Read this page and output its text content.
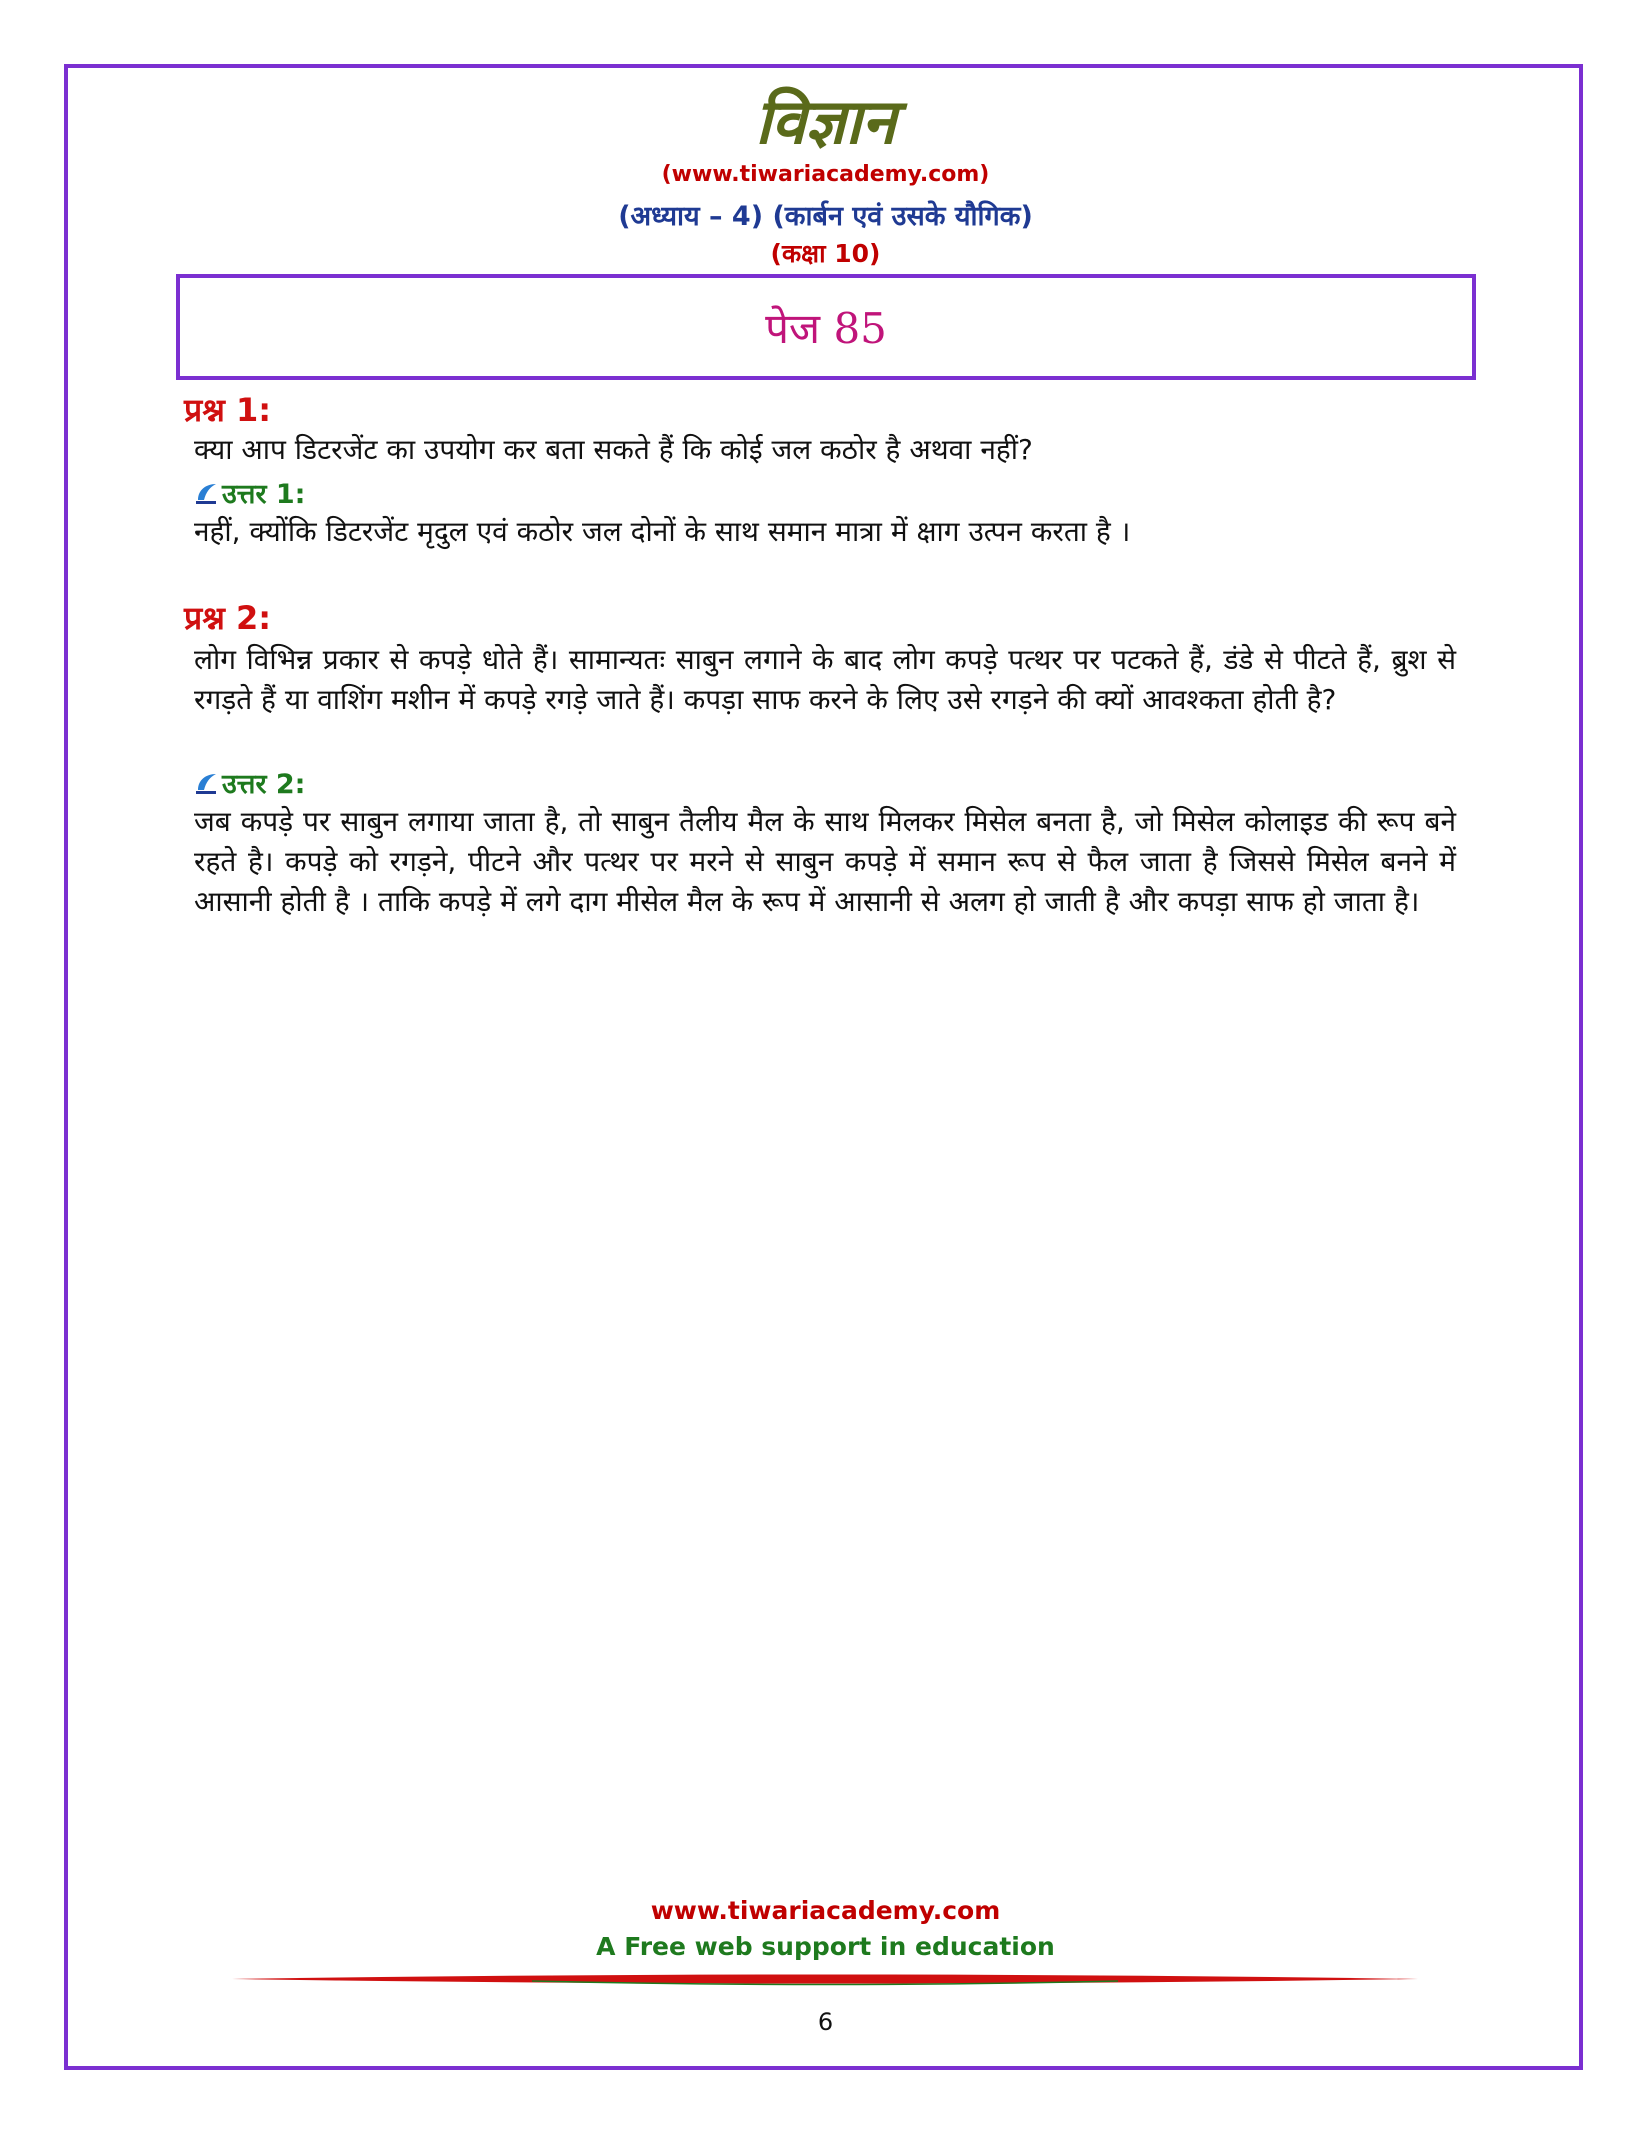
विज्ञान
(www.tiwariacademy.com)
(अध्याय – 4) (कार्बन एवं उसके यौगिक)
(कक्षा 10)
पेज 85
प्रश्न 1:
क्या आप डिटरजेंट का उपयोग कर बता सकते हैं कि कोई जल कठोर है अथवा नहीं?
उत्तर 1:
नहीं, क्योंकि डिटरजेंट मृदुल एवं कठोर जल दोनों के साथ समान मात्रा में क्षाग उत्पन करता है ।
प्रश्न 2:
लोग विभिन्न प्रकार से कपड़े धोते हैं। सामान्यतः साबुन लगाने के बाद लोग कपड़े पत्थर पर पटकते हैं, डंडे से पीटते हैं, ब्रुश से रगड़ते हैं या वाशिंग मशीन में कपड़े रगड़े जाते हैं। कपड़ा साफ करने के लिए उसे रगड़ने की क्यों आवश्कता होती है?
उत्तर 2:
जब कपड़े पर साबुन लगाया जाता है, तो साबुन तैलीय मैल के साथ मिलकर मिसेल बनता है, जो मिसेल कोलाइड की रूप बने रहते है। कपड़े को रगड़ने, पीटने और पत्थर पर मरने से साबुन कपड़े में समान रूप से फैल जाता है जिससे मिसेल बनने में आसानी होती है । ताकि कपड़े में लगे दाग मीसेल मैल के रूप में आसानी से अलग हो जाती है और कपड़ा साफ हो जाता है।
www.tiwariacademy.com
A Free web support in education
6
